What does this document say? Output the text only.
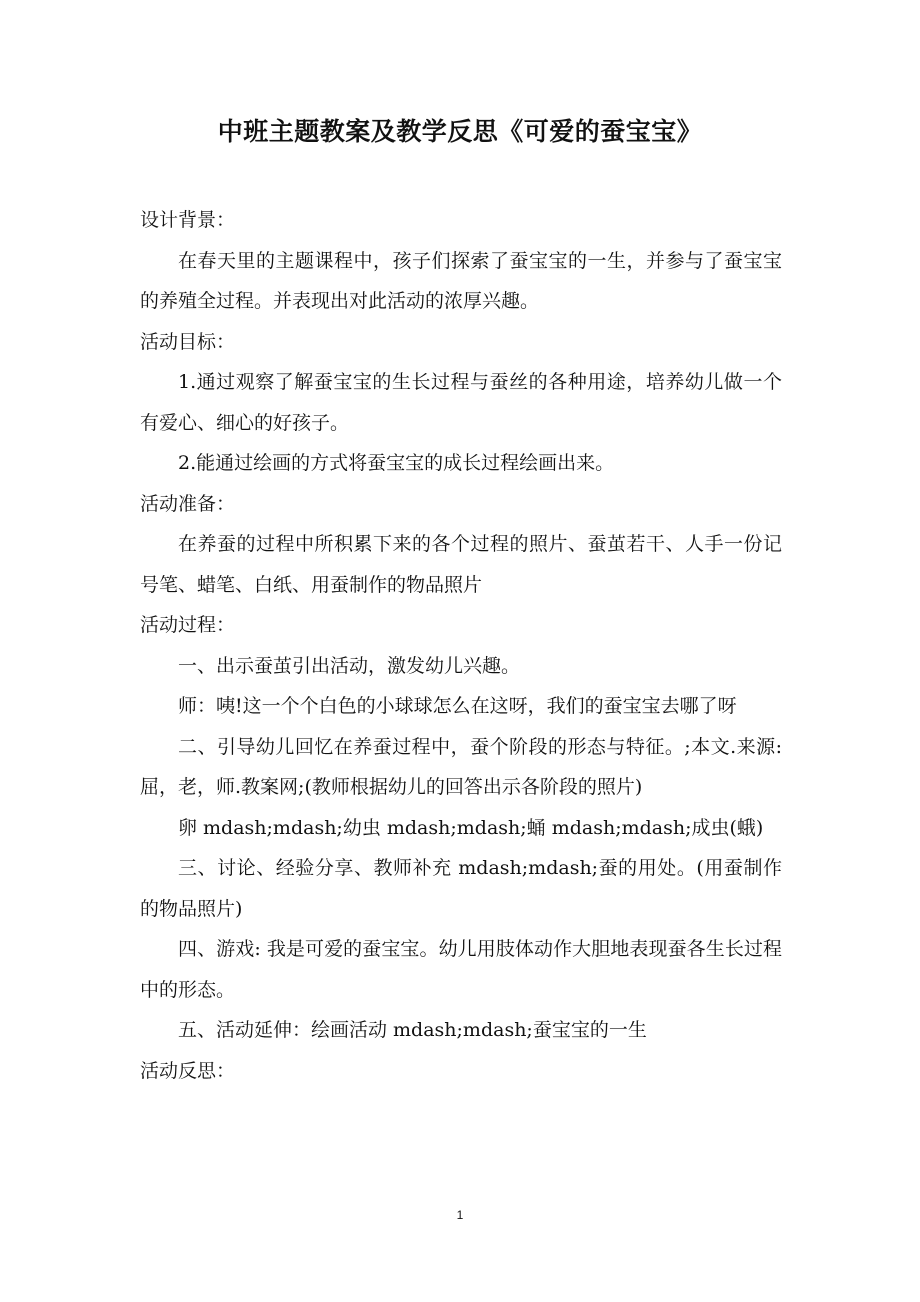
中班主题教案及教学反思《可爱的蚕宝宝》

设计背景：

在春天里的主题课程中，孩子们探索了蚕宝宝的一生，并参与了蚕宝宝的养殖全过程。并表现出对此活动的浓厚兴趣。

活动目标：

1.通过观察了解蚕宝宝的生长过程与蚕丝的各种用途，培养幼儿做一个有爱心、细心的好孩子。

2.能通过绘画的方式将蚕宝宝的成长过程绘画出来。

活动准备：

在养蚕的过程中所积累下来的各个过程的照片、蚕茧若干、人手一份记号笔、蜡笔、白纸、用蚕制作的物品照片

活动过程：

一、出示蚕茧引出活动，激发幼儿兴趣。

师：咦!这一个个白色的小球球怎么在这呀，我们的蚕宝宝去哪了呀

二、引导幼儿回忆在养蚕过程中，蚕个阶段的形态与特征。;本文.来源: 屈，老，师.教案网;(教师根据幼儿的回答出示各阶段的照片)

卵 mdash;mdash;幼虫 mdash;mdash;蛹 mdash;mdash;成虫(蛾)

三、讨论、经验分享、教师补充 mdash;mdash;蚕的用处。(用蚕制作的物品照片)

四、游戏: 我是可爱的蚕宝宝。幼儿用肢体动作大胆地表现蚕各生长过程中的形态。

五、活动延伸：绘画活动 mdash;mdash;蚕宝宝的一生

活动反思：

1
